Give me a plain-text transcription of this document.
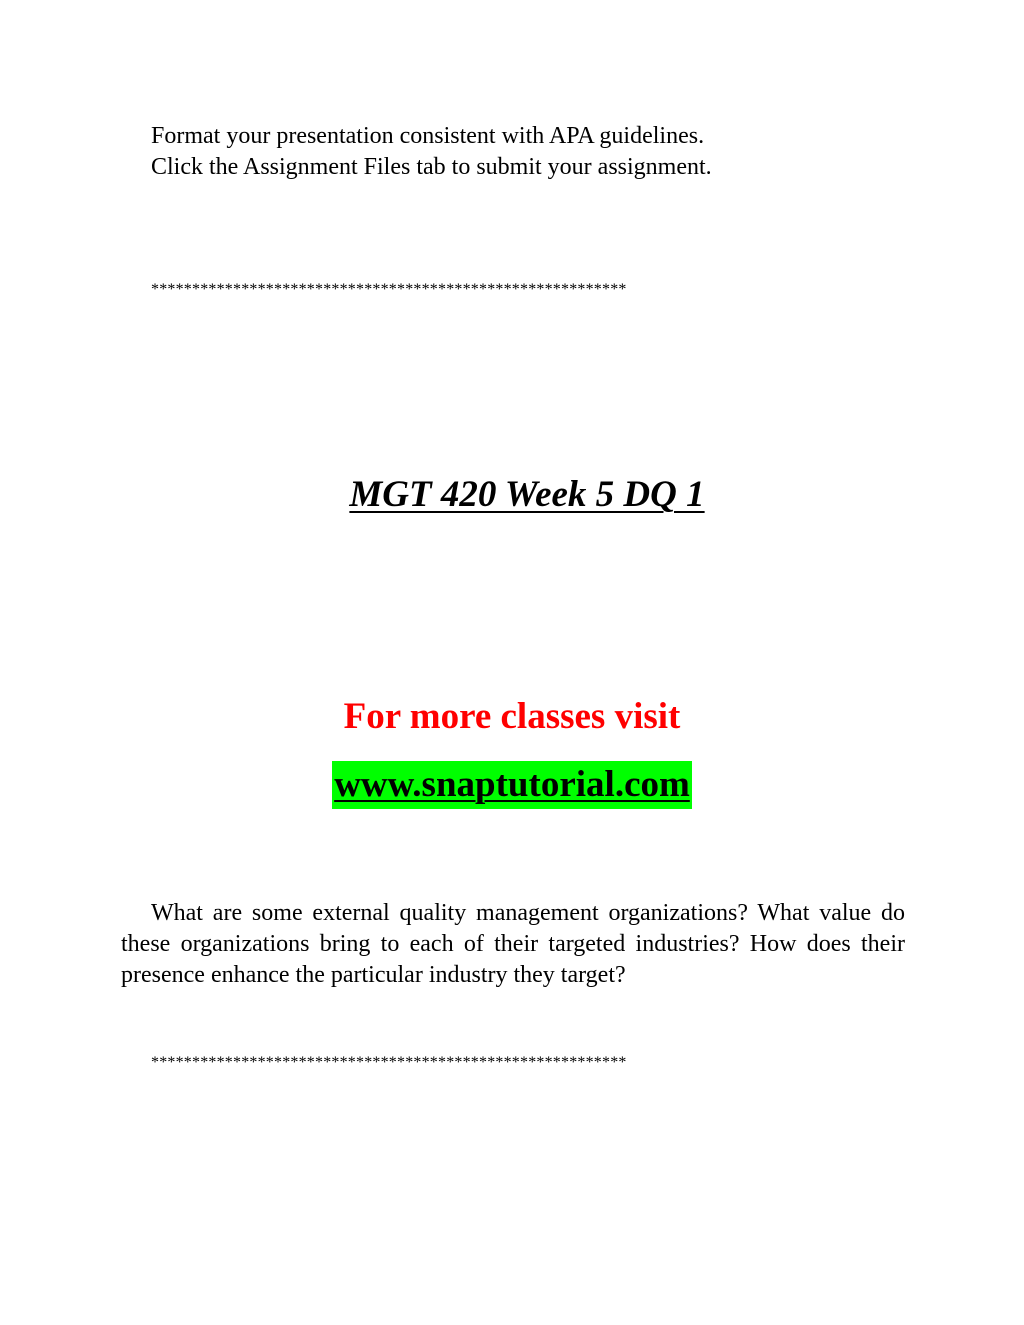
Format your presentation consistent with APA guidelines.
Click the Assignment Files tab to submit your assignment.
**********************************************************
MGT 420 Week 5 DQ 1
For more classes visit
www.snaptutorial.com
What are some external quality management organizations? What value do these organizations bring to each of their targeted industries? How does their presence enhance the particular industry they target?
**********************************************************
